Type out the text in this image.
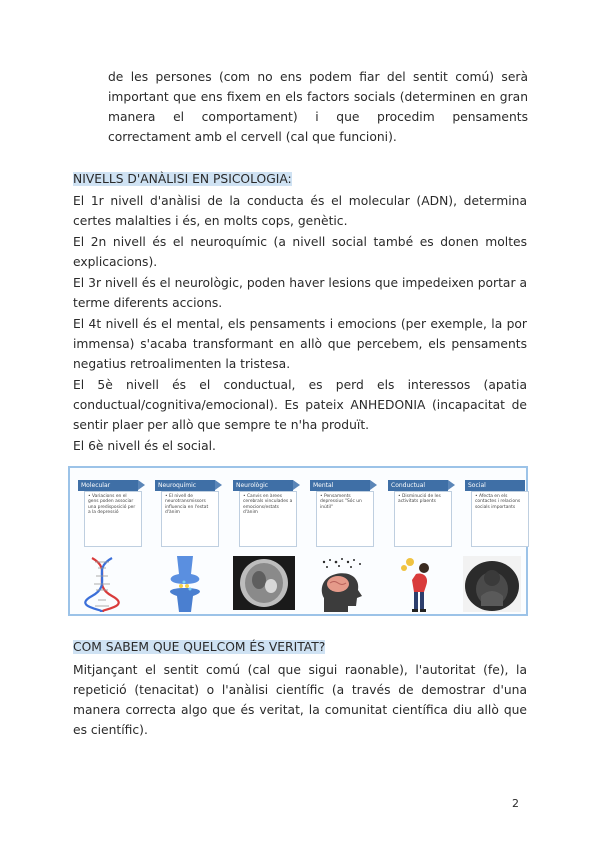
de les persones (com no ens podem fiar del sentit comú) serà important que ens fixem en els factors socials (determinen en gran manera el comportament) i que procedim pensaments correctament amb el cervell (cal que funcioni).

NIVELLS D'ANÀLISI EN PSICOLOGIA:

El 1r nivell d'anàlisi de la conducta és el molecular (ADN), determina certes malalties i és, en molts cops, genètic.

El 2n nivell és el neuroquímic (a nivell social també es donen moltes explicacions).

El 3r nivell és el neurològic, poden haver lesions que impedeixen portar a terme diferents accions.

El 4t nivell és el mental, els pensaments i emocions (per exemple, la por immensa) s'acaba transformant en allò que percebem, els pensaments negatius retroalimenten la tristesa.

El 5è nivell és el conductual, es perd els interessos (apatia conductual/cognitiva/emocional). Es pateix ANHEDONIA (incapacitat de sentir plaer per allò que sempre te n'ha produït.

El 6è nivell és el social.

Molecular
• Variacions en el gens poden associar una predisposició per a la depressió
Neuroquímic
• El nivell de neurotransmissors influencia en l'estat d'ànim
Neurològic
• Canvis en àrees cerebrals vinculades a emocions/estats d'ànim
Mental
• Pensaments depressius "Sóc un inútil"
Conductual
• Disminució de les activitats plaents
Social
• Afecta en els contactes i relacions socials importants

COM SABEM QUE QUELCOM ÉS VERITAT?

Mitjançant el sentit comú (cal que sigui raonable), l'autoritat (fe), la repetició (tenacitat) o l'anàlisi científic (a través de demostrar d'una manera correcta algo que és veritat, la comunitat científica diu allò que es científic).

2
